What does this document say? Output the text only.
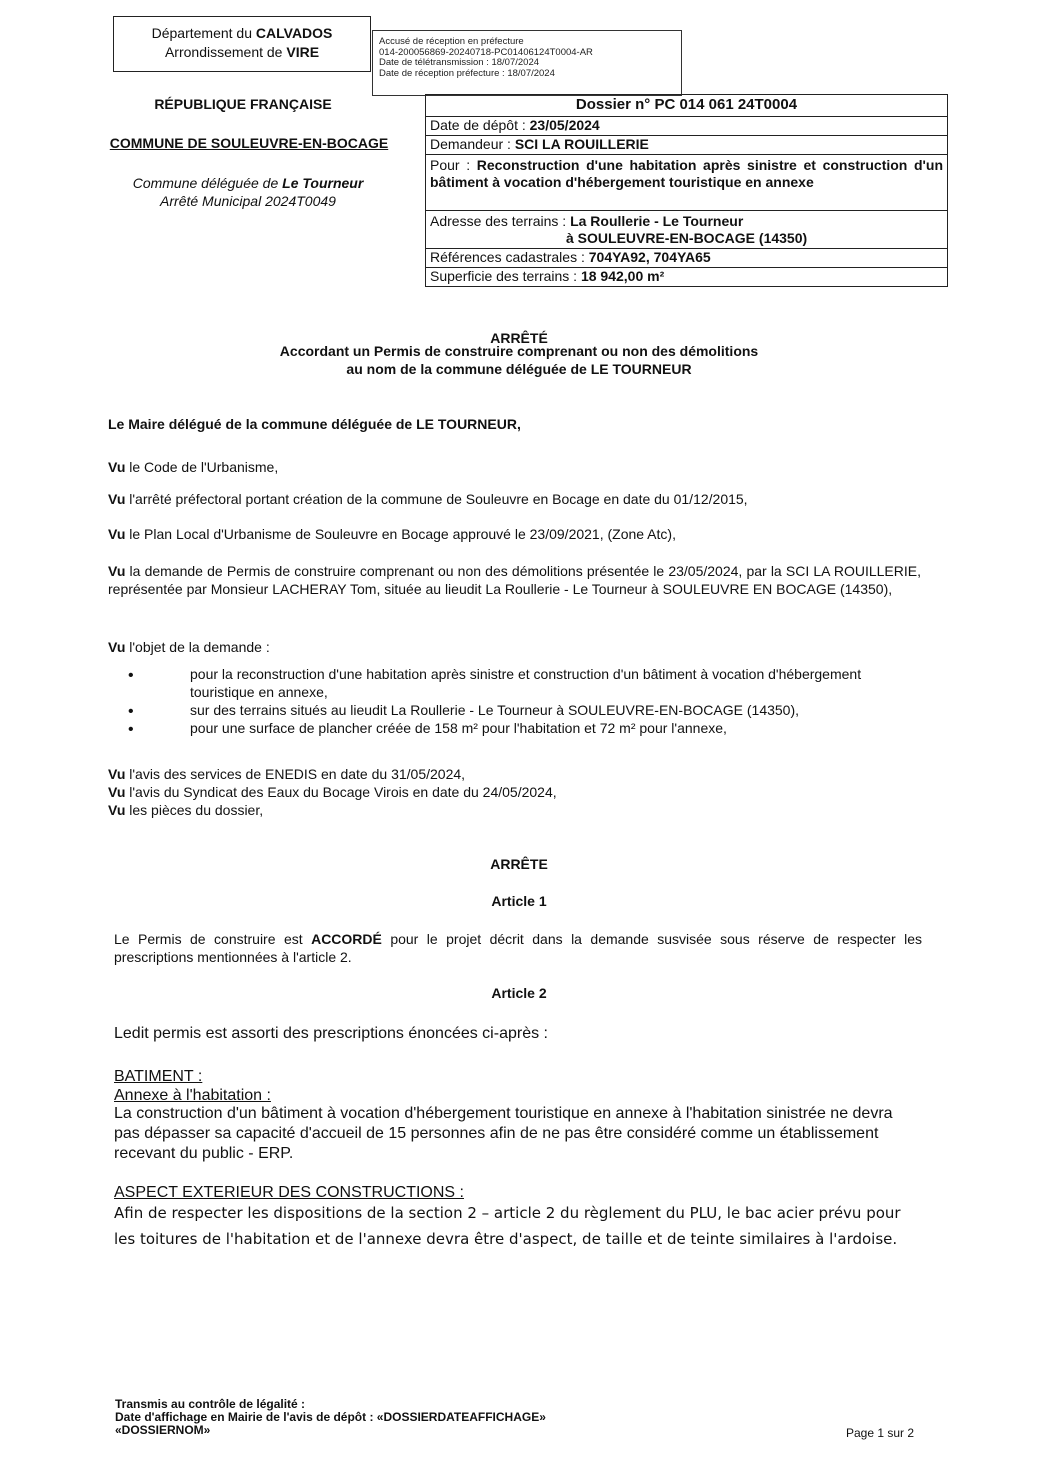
Département du CALVADOS
Arrondissement de VIRE
Accusé de réception en préfecture
014-200056869-20240718-PC01406124T0004-AR
Date de télétransmission : 18/07/2024
Date de réception préfecture : 18/07/2024
RÉPUBLIQUE FRANÇAISE
COMMUNE DE SOULEUVRE-EN-BOCAGE
Commune déléguée de Le Tourneur
Arrêté Municipal 2024T0049
Dossier n° PC 014 061 24T0004
Date de dépôt : 23/05/2024
Demandeur : SCI LA ROUILLERIE
Pour : Reconstruction d'une habitation après sinistre et construction d'un bâtiment à vocation d'hébergement touristique en annexe
Adresse des terrains : La Roullerie - Le Tourneur
à SOULEUVRE-EN-BOCAGE (14350)
Références cadastrales : 704YA92, 704YA65
Superficie des terrains : 18 942,00 m²
ARRÊTÉ
Accordant un Permis de construire comprenant ou non des démolitions
au nom de la commune déléguée de LE TOURNEUR
Le Maire délégué de la commune déléguée de LE TOURNEUR,
Vu le Code de l'Urbanisme,
Vu l'arrêté préfectoral portant création de la commune de Souleuvre en Bocage en date du 01/12/2015,
Vu le Plan Local d'Urbanisme de Souleuvre en Bocage approuvé le 23/09/2021, (Zone Atc),
Vu la demande de Permis de construire comprenant ou non des démolitions présentée le 23/05/2024, par la SCI LA ROUILLERIE, représentée par Monsieur LACHERAY Tom, située au lieudit La Roullerie - Le Tourneur à SOULEUVRE EN BOCAGE (14350),
Vu l'objet de la demande :
• pour la reconstruction d'une habitation après sinistre et construction d'un bâtiment à vocation d'hébergement touristique en annexe,
• sur des terrains situés au lieudit La Roullerie - Le Tourneur à SOULEUVRE-EN-BOCAGE (14350),
• pour une surface de plancher créée de 158 m² pour l'habitation et 72 m² pour l'annexe,
Vu l'avis des services de ENEDIS en date du 31/05/2024,
Vu l'avis du Syndicat des Eaux du Bocage Virois en date du 24/05/2024,
Vu les pièces du dossier,
ARRÊTE
Article 1
Le Permis de construire est ACCORDÉ pour le projet décrit dans la demande susvisée sous réserve de respecter les prescriptions mentionnées à l'article 2.
Article 2
Ledit permis est assorti des prescriptions énoncées ci-après :
BATIMENT :
Annexe à l'habitation :
La construction d'un bâtiment à vocation d'hébergement touristique en annexe à l'habitation sinistrée ne devra pas dépasser sa capacité d'accueil de 15 personnes afin de ne pas être considéré comme un établissement recevant du public - ERP.
ASPECT EXTERIEUR DES CONSTRUCTIONS :
Afin de respecter les dispositions de la section 2 – article 2 du règlement du PLU, le bac acier prévu pour les toitures de l'habitation et de l'annexe devra être d'aspect, de taille et de teinte similaires à l'ardoise.
Transmis au contrôle de légalité :
Date d'affichage en Mairie de l'avis de dépôt : «DOSSIERDATEAFFICHAGE»
«DOSSIERNOM»	Page 1 sur 2
